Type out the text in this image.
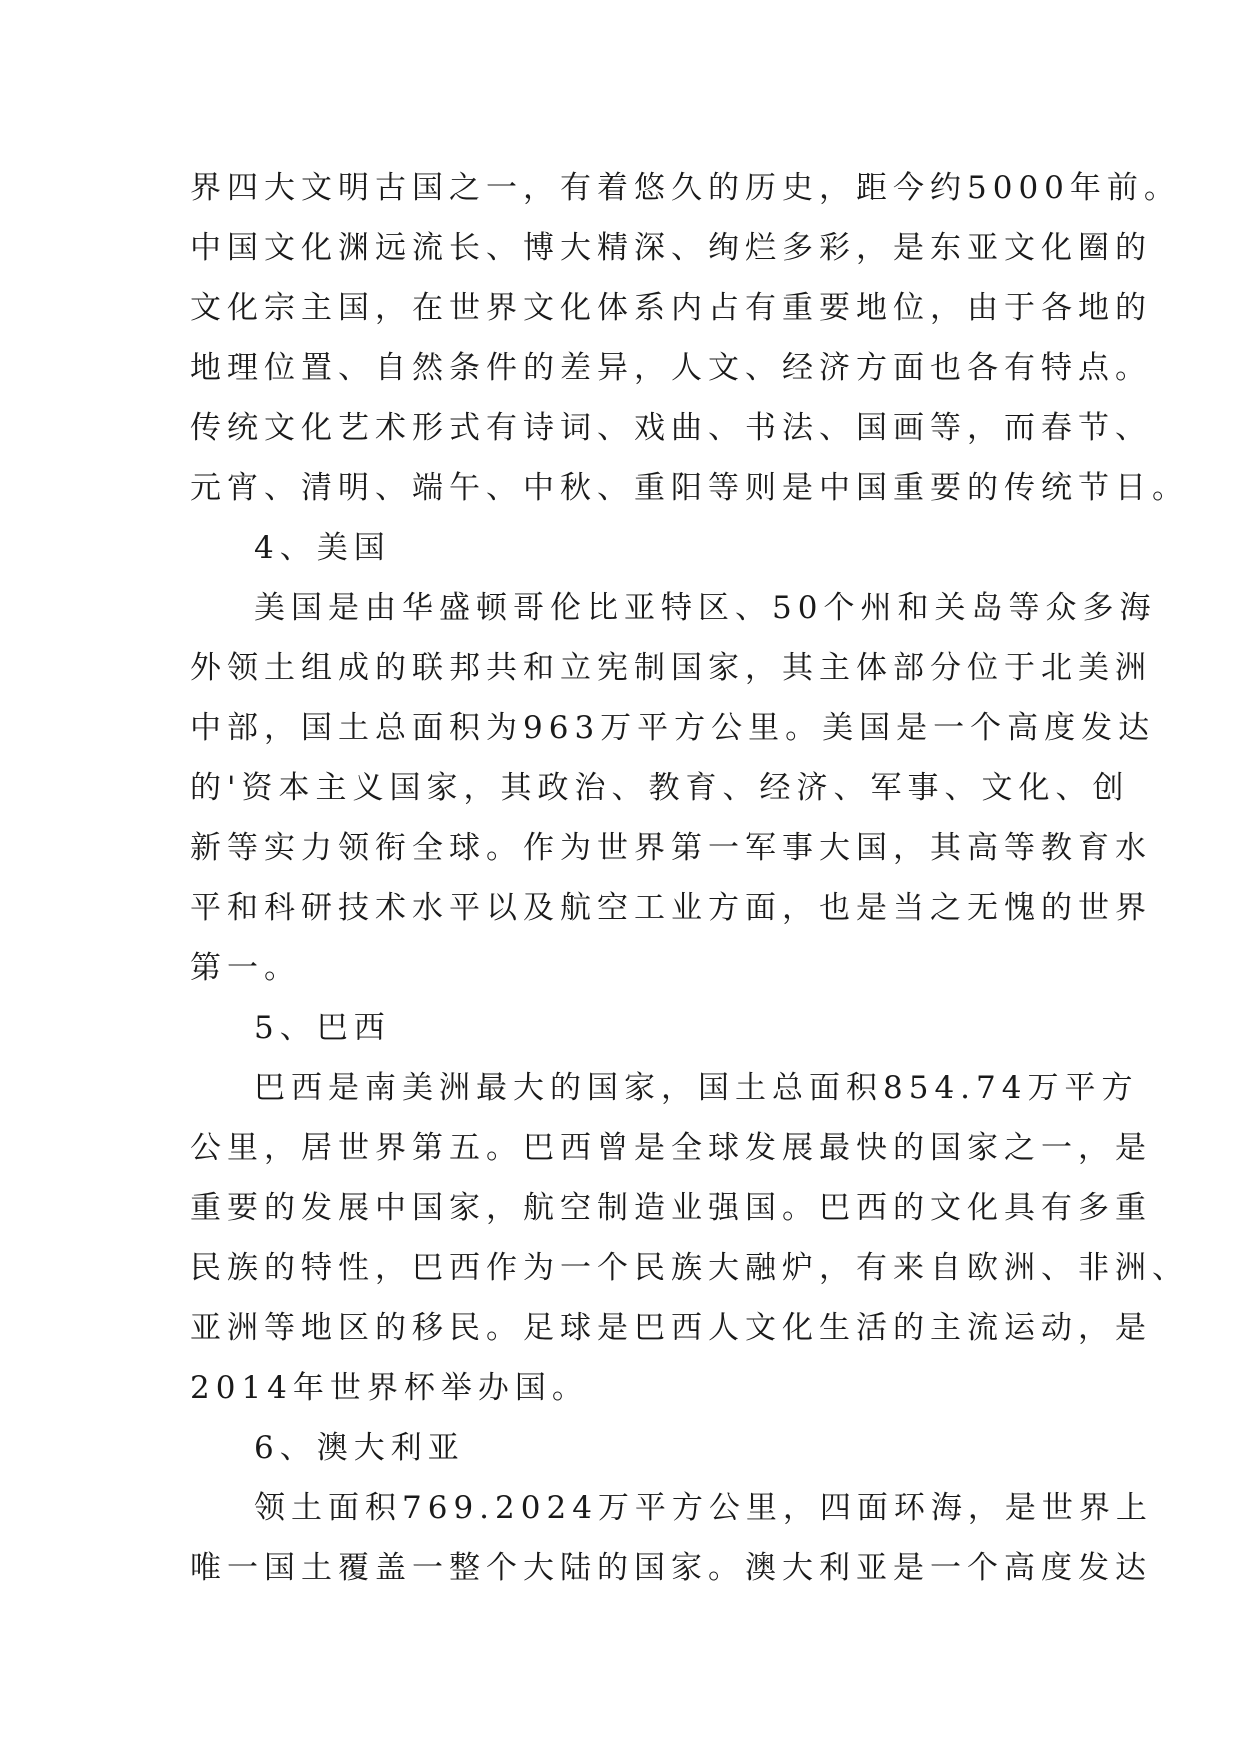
界四大文明古国之一，有着悠久的历史，距今约5000年前。
中国文化渊远流长、博大精深、绚烂多彩，是东亚文化圈的
文化宗主国，在世界文化体系内占有重要地位，由于各地的
地理位置、自然条件的差异，人文、经济方面也各有特点。
传统文化艺术形式有诗词、戏曲、书法、国画等，而春节、
元宵、清明、端午、中秋、重阳等则是中国重要的传统节日。
4、美国
美国是由华盛顿哥伦比亚特区、50个州和关岛等众多海
外领土组成的联邦共和立宪制国家，其主体部分位于北美洲
中部，国土总面积为963万平方公里。美国是一个高度发达
的'资本主义国家，其政治、教育、经济、军事、文化、创
新等实力领衔全球。作为世界第一军事大国，其高等教育水
平和科研技术水平以及航空工业方面，也是当之无愧的世界
第一。
5、巴西
巴西是南美洲最大的国家，国土总面积854.74万平方
公里，居世界第五。巴西曾是全球发展最快的国家之一，是
重要的发展中国家，航空制造业强国。巴西的文化具有多重
民族的特性，巴西作为一个民族大融炉，有来自欧洲、非洲、
亚洲等地区的移民。足球是巴西人文化生活的主流运动，是
2014年世界杯举办国。
6、澳大利亚
领土面积769.2024万平方公里，四面环海，是世界上
唯一国土覆盖一整个大陆的国家。澳大利亚是一个高度发达
